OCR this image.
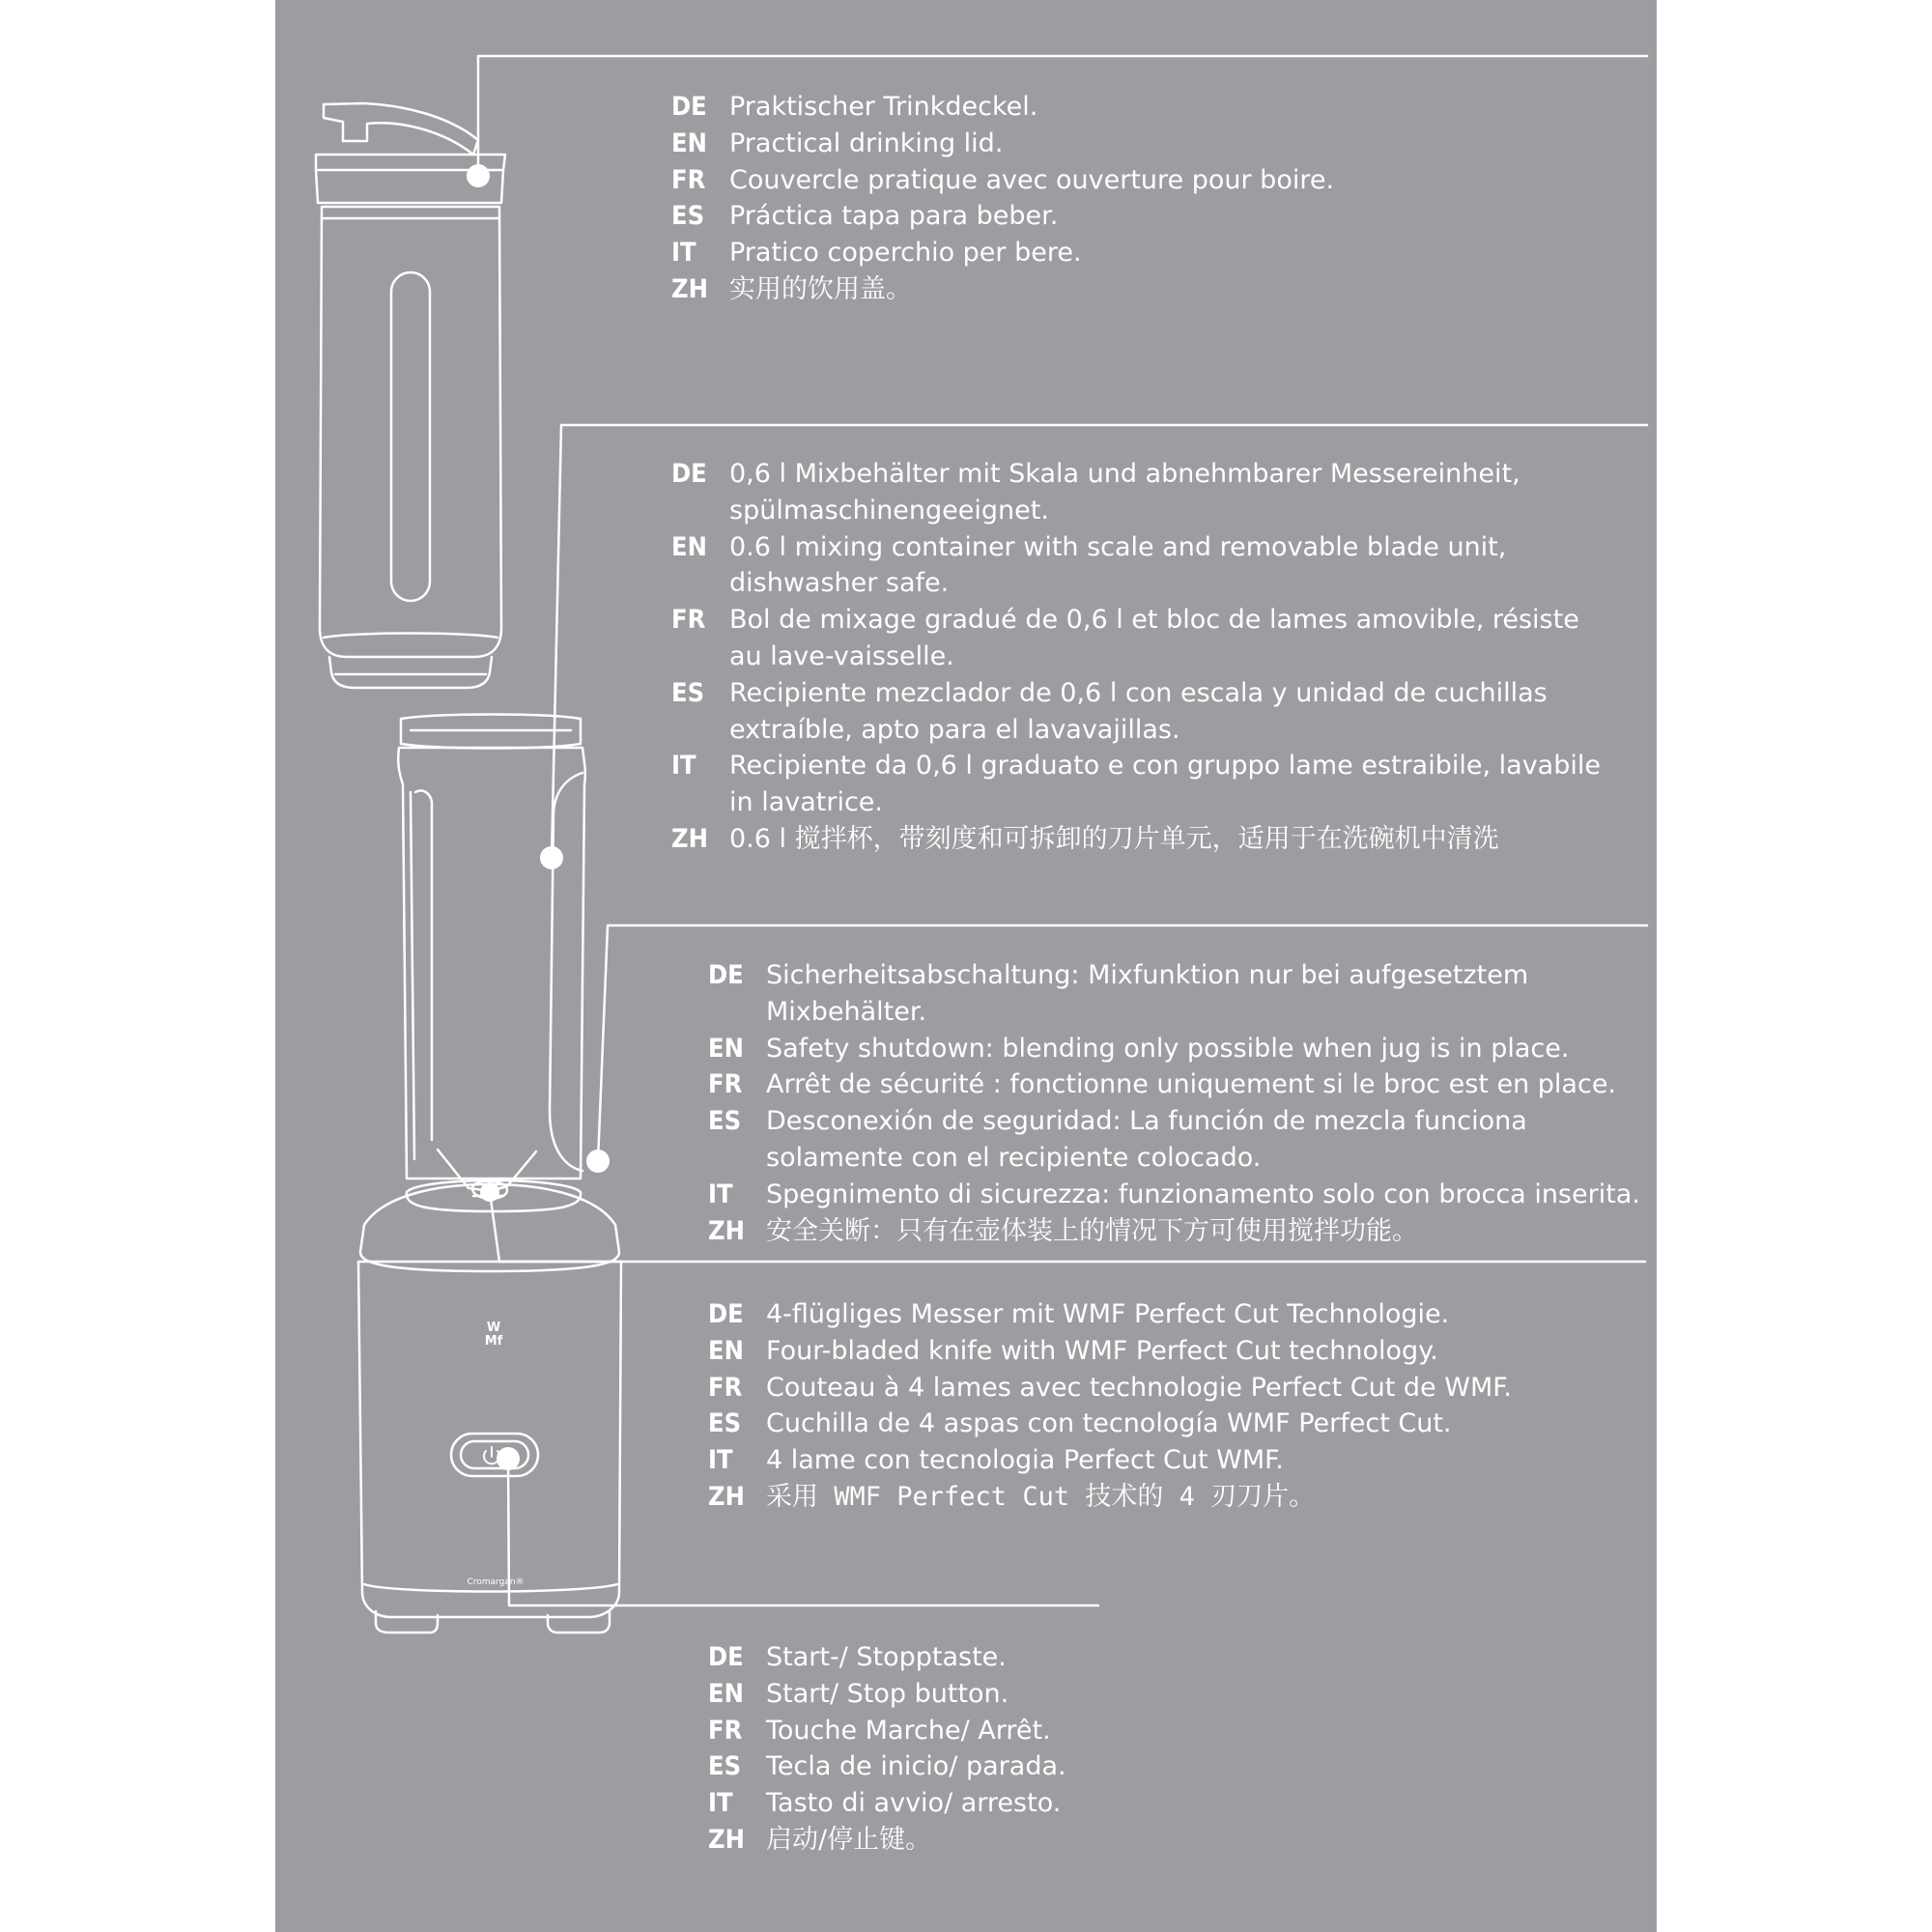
W
Mf
Cromargan®
DE Praktischer Trinkdeckel.
EN Practical drinking lid.
FR Couvercle pratique avec ouverture pour boire.
ES Práctica tapa para beber.
IT	Pratico coperchio per bere.
ZH 实用的饮用盖。
DE 0,6 l Mixbehälter mit Skala und abnehmbarer Messereinheit, spülmaschinengeeignet.
EN 0.6 l mixing container with scale and removable blade unit, dishwasher safe.
FR Bol de mixage gradué de 0,6 l et bloc de lames amovible, résiste au lave-vaisselle.
ES Recipiente mezclador de 0,6 l con escala y unidad de cuchillas extraíble, apto para el lavavajillas.
IT	Recipiente da 0,6 l graduato e con gruppo lame estraibile, lavabile in lavatrice.
ZH 0.6 l 搅拌杯，带刻度和可拆卸的刀片单元，适用于在洗碗机中清洗
DE Sicherheitsabschaltung: Mixfunktion nur bei aufgesetztem Mixbehälter.
EN Safety shutdown: blending only possible when jug is in place.
FR Arrêt de sécurité : fonctionne uniquement si le broc est en place.
ES Desconexión de seguridad: La función de mezcla funciona solamente con el recipiente colocado.
IT	Spegnimento di sicurezza: funzionamento solo con brocca inserita.
ZH 安全关断：只有在壶体装上的情况下方可使用搅拌功能。
DE 4-flügliges Messer mit WMF Perfect Cut Technologie.
EN Four-bladed knife with WMF Perfect Cut technology.
FR Couteau à 4 lames avec technologie Perfect Cut de WMF.
ES Cuchilla de 4 aspas con tecnología WMF Perfect Cut.
IT	4 lame con tecnologia Perfect Cut WMF.
ZH 采用 WMF Perfect Cut 技术的 4 刃刀片。
DE Start-/ Stopptaste.
EN Start/ Stop button.
FR Touche Marche/ Arrêt.
ES Tecla de inicio/ parada.
IT	Tasto di avvio/ arresto.
ZH 启动/停止键。
